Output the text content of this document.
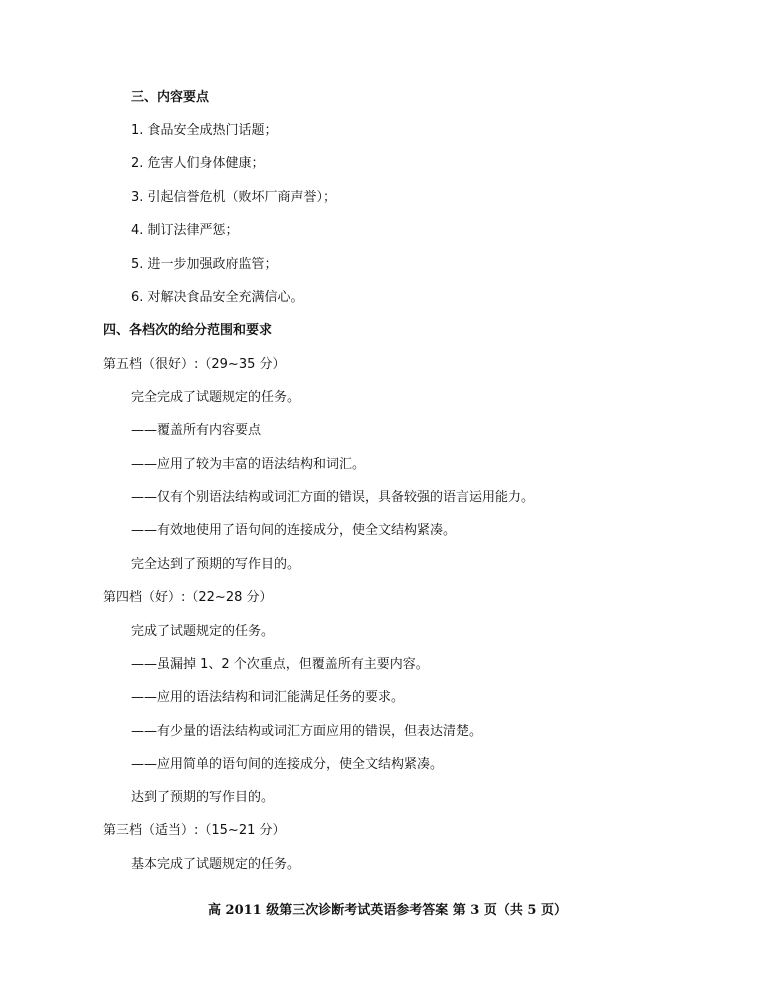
三、内容要点
1. 食品安全成热门话题；
2. 危害人们身体健康；
3. 引起信誉危机（败坏厂商声誉）；
4. 制订法律严惩；
5. 进一步加强政府监管；
6. 对解决食品安全充满信心。
四、各档次的给分范围和要求
第五档（很好）:（29~35 分）
完全完成了试题规定的任务。
——覆盖所有内容要点
——应用了较为丰富的语法结构和词汇。
——仅有个别语法结构或词汇方面的错误，具备较强的语言运用能力。
——有效地使用了语句间的连接成分，使全文结构紧凑。
完全达到了预期的写作目的。
第四档（好）:（22~28 分）
完成了试题规定的任务。
——虽漏掉 1、2 个次重点，但覆盖所有主要内容。
——应用的语法结构和词汇能满足任务的要求。
——有少量的语法结构或词汇方面应用的错误，但表达清楚。
——应用简单的语句间的连接成分，使全文结构紧凑。
达到了预期的写作目的。
第三档（适当）:（15~21 分）
基本完成了试题规定的任务。
高 2011 级第三次诊断考试英语参考答案 第 3 页（共 5 页）
